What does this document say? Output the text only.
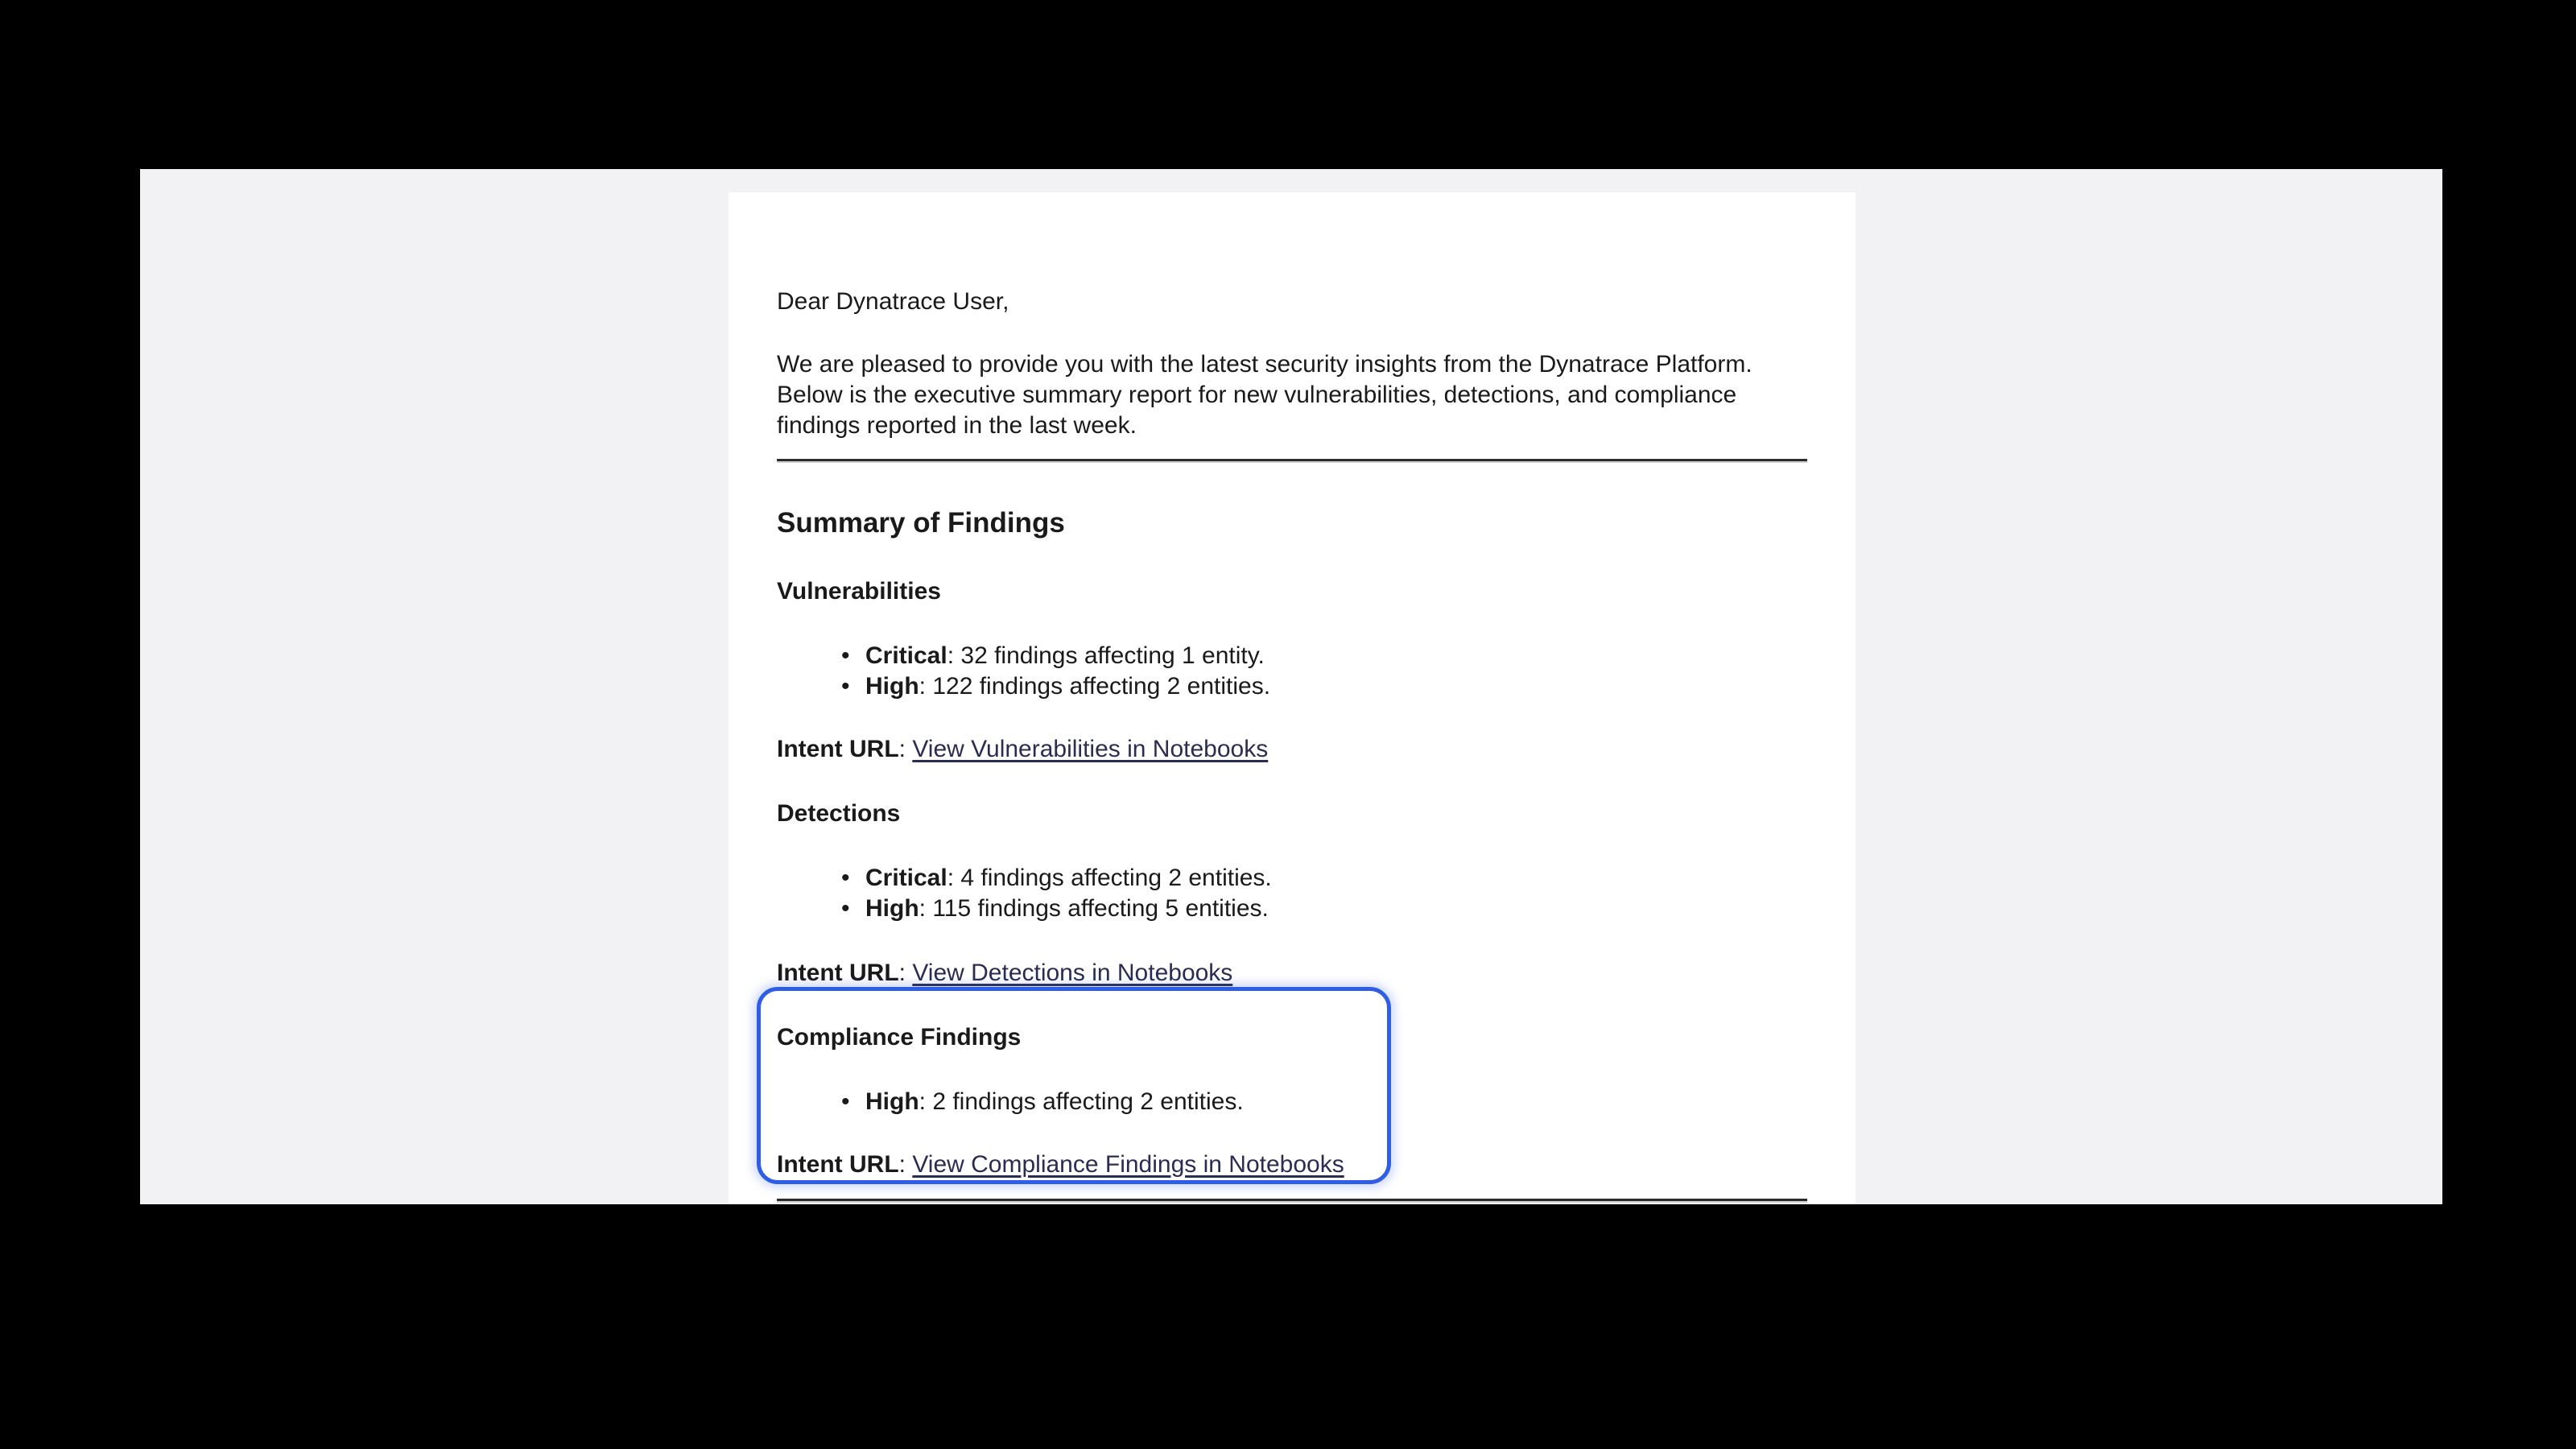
Dear Dynatrace User,
We are pleased to provide you with the latest security insights from the Dynatrace Platform.
Below is the executive summary report for new vulnerabilities, detections, and compliance
findings reported in the last week.
Summary of Findings
Vulnerabilities
• Critical: 32 findings affecting 1 entity.
• High: 122 findings affecting 2 entities.
Intent URL: View Vulnerabilities in Notebooks
Detections
• Critical: 4 findings affecting 2 entities.
• High: 115 findings affecting 5 entities.
Intent URL: View Detections in Notebooks
Compliance Findings
• High: 2 findings affecting 2 entities.
Intent URL: View Compliance Findings in Notebooks
